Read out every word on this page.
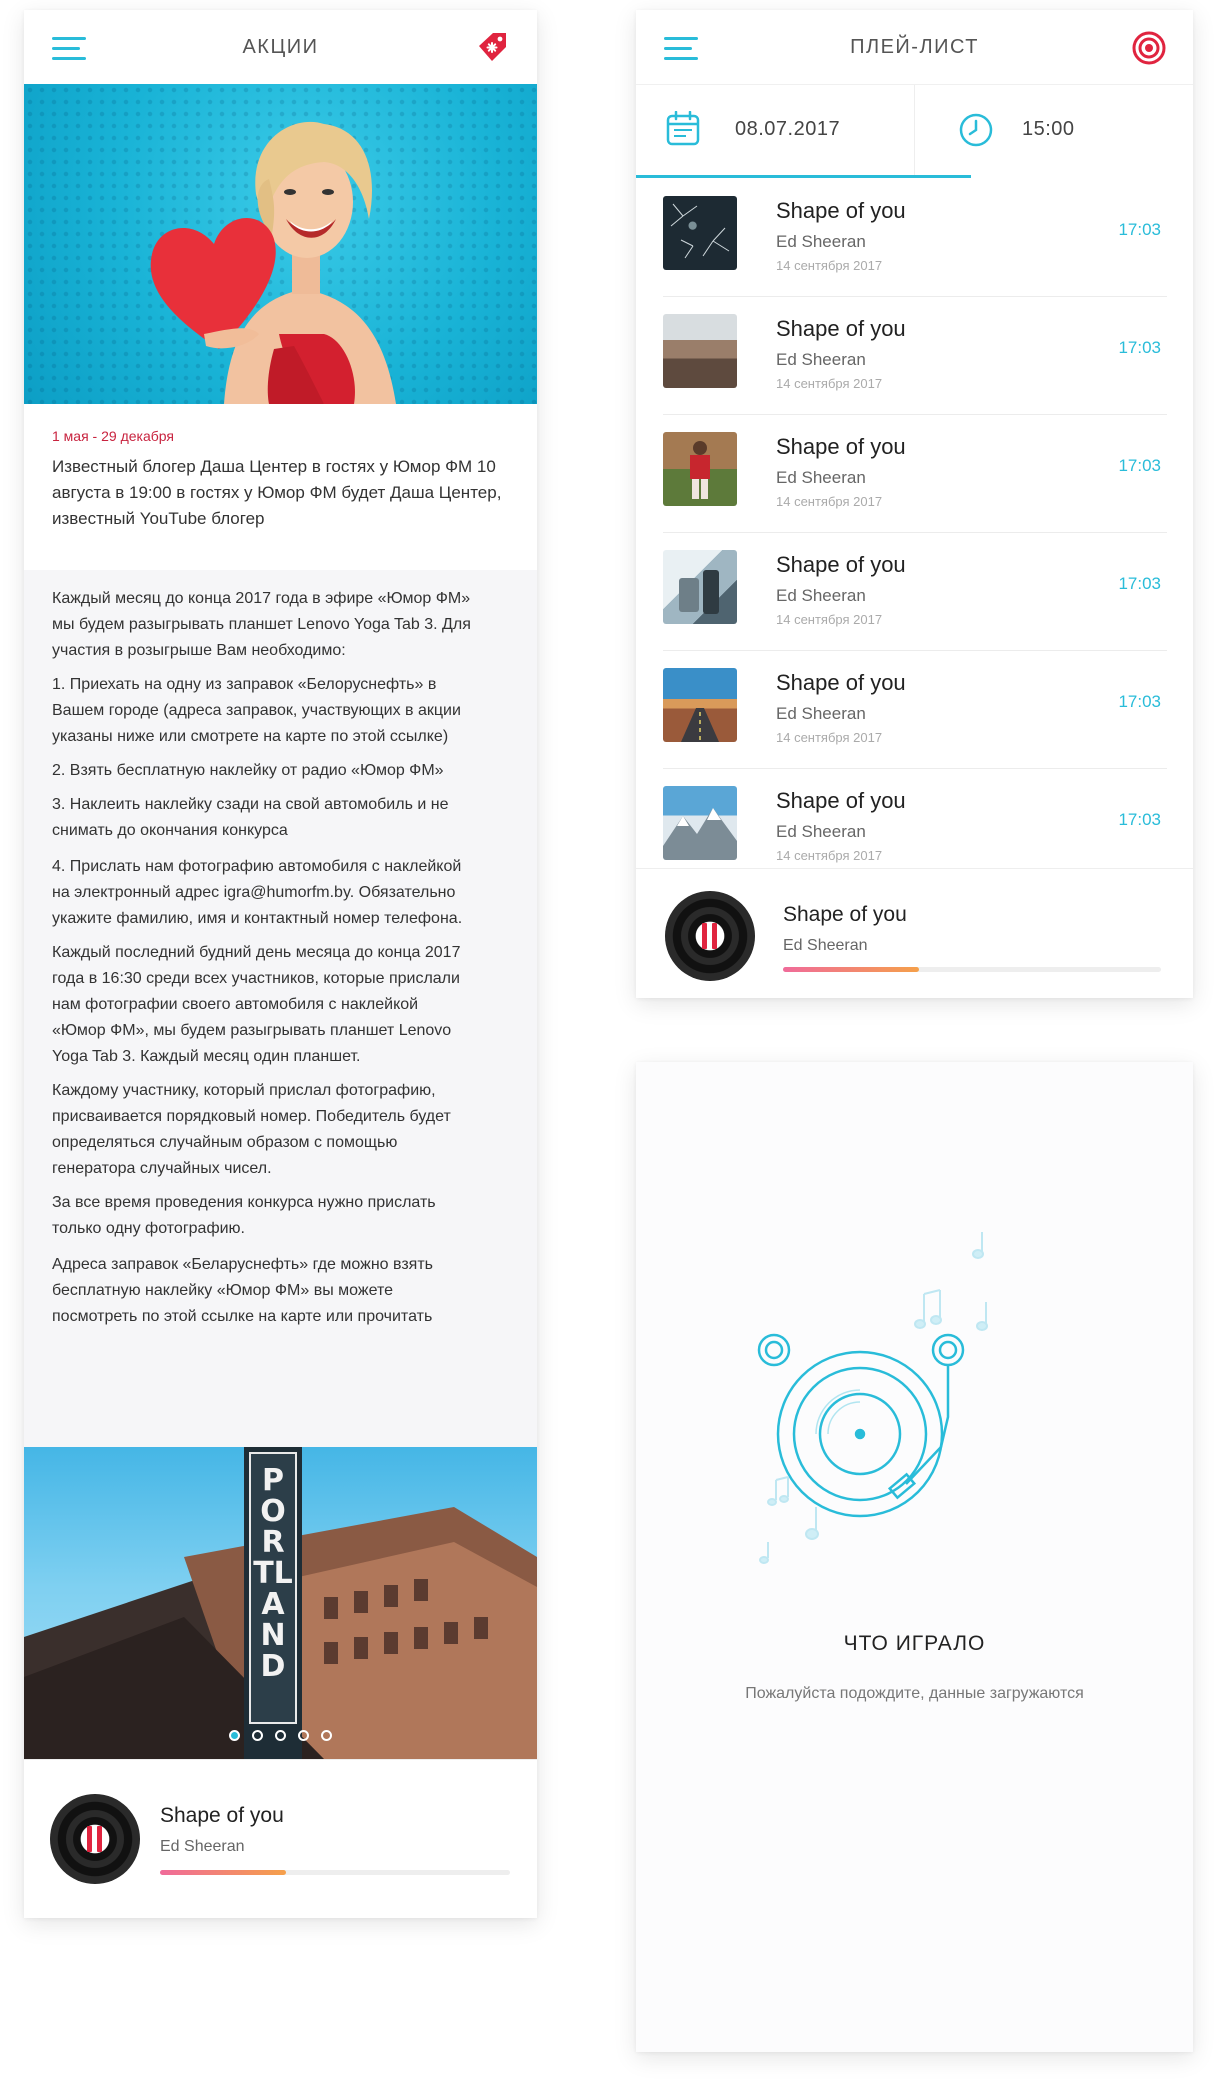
АКЦИИ
1 мая - 29 декабря
Известный блогер Даша Центер в гостях у Юмор ФМ 10 августа в 19:00 в гостях у Юмор ФМ будет Даша Центер, известный YouTube блогер
Каждый месяц до конца 2017 года в эфире «Юмор ФМ»
мы будем разыгрывать планшет Lenovo Yoga Tab 3. Для
участия в розыгрыше Вам необходимо:
1. Приехать на одну из заправок «Белоруснефть» в
Вашем городе (адреса заправок, участвующих в акции
указаны ниже или смотрете на карте по этой ссылке)
2. Взять бесплатную наклейку от радио «Юмор ФМ»
3. Наклеить наклейку сзади на свой автомобиль и не
снимать до окончания конкурса
4. Прислать нам фотографию автомобиля с наклейкой
на электронный адрес igra@humorfm.by. Обязательно
укажите фамилию, имя и контактный номер телефона.
Каждый последний будний день месяца до конца 2017
года в 16:30 среди всех участников, которые прислали
нам фотографии своего автомобиля с наклейкой
«Юмор ФМ», мы будем разыгрывать планшет Lenovo
Yoga Tab 3. Каждый месяц один планшет.
Каждому участнику, который прислал фотографию,
присваивается порядковый номер. Победитель будет
определяться случайным образом с помощью
генератора случайных чисел.
За все время проведения конкурса нужно прислать
только одну фотографию.
Адреса заправок «Беларуснефть» где можно взять
бесплатную наклейку «Юмор ФМ» вы можете
посмотреть по этой ссылке на карте или прочитать
PORTLAND
Shape of you
Ed Sheeran
ПЛЕЙ-ЛИСТ
08.07.2017	15:00
Shape of you
Ed Sheeran
14 сентября 2017
17:03
Shape of you
Ed Sheeran
14 сентября 2017
17:03
Shape of you
Ed Sheeran
14 сентября 2017
17:03
Shape of you
Ed Sheeran
14 сентября 2017
17:03
Shape of you
Ed Sheeran
14 сентября 2017
17:03
Shape of you
Ed Sheeran
14 сентября 2017
17:03
Shape of you
Ed Sheeran
ЧТО ИГРАЛО
Пожалуйста подождите, данные загружаются
